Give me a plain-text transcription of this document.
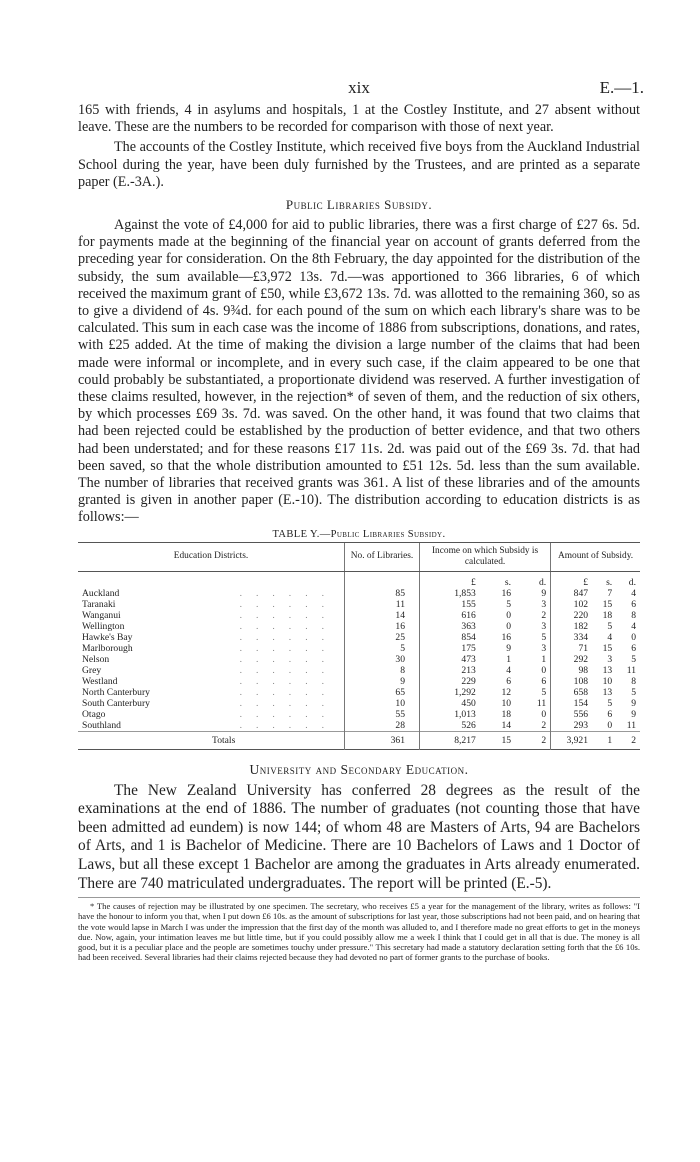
xix	E.—1.

165 with friends, 4 in asylums and hospitals, 1 at the Costley Institute, and 27 absent without leave. These are the numbers to be recorded for comparison with those of next year.

The accounts of the Costley Institute, which received five boys from the Auckland Industrial School during the year, have been duly furnished by the Trustees, and are printed as a separate paper (E.-3A.).

Public Libraries Subsidy.

Against the vote of £4,000 for aid to public libraries, there was a first charge of £27 6s. 5d. for payments made at the beginning of the financial year on account of grants deferred from the preceding year for consideration. On the 8th February, the day appointed for the distribution of the subsidy, the sum available—£3,972 13s. 7d.—was apportioned to 366 libraries, 6 of which received the maximum grant of £50, while £3,672 13s. 7d. was allotted to the remaining 360, so as to give a dividend of 4s. 9¾d. for each pound of the sum on which each library's share was to be calculated. This sum in each case was the income of 1886 from subscriptions, donations, and rates, with £25 added. At the time of making the division a large number of the claims that had been made were informal or incomplete, and in every such case, if the claim appeared to be one that could probably be substantiated, a proportionate dividend was reserved. A further investigation of these claims resulted, however, in the rejection* of seven of them, and the reduction of six others, by which processes £69 3s. 7d. was saved. On the other hand, it was found that two claims that had been rejected could be established by the production of better evidence, and that two others had been understated; and for these reasons £17 11s. 2d. was paid out of the £69 3s. 7d. that had been saved, so that the whole distribution amounted to £51 12s. 5d. less than the sum available. The number of libraries that received grants was 361. A list of these libraries and of the amounts granted is given in another paper (E.-10). The distribution according to education districts is as follows:—

TABLE Y.—Public Libraries Subsidy.
Education Districts.	No. of Libraries.	Income on which Subsidy is calculated.			Amount of Subsidy.		
		£	s.	d.	£	s.	d.
Auckland ......	85	1,853	16	9	847	7	4
Taranaki ......	11	155	5	3	102	15	6
Wanganui ......	14	616	0	2	220	18	8
Wellington ......	16	363	0	3	182	5	4
Hawke's Bay ......	25	854	16	5	334	4	0
Marlborough ......	5	175	9	3	71	15	6
Nelson ......	30	473	1	1	292	3	5
Grey ......	8	213	4	0	98	13	11
Westland ......	9	229	6	6	108	10	8
North Canterbury ......	65	1,292	12	5	658	13	5
South Canterbury ......	10	450	10	11	154	5	9
Otago ......	55	1,013	18	0	556	6	9
Southland ......	28	526	14	2	293	0	11
Totals	361	8,217	15	2	3,921	1	2
University and Secondary Education.

The New Zealand University has conferred 28 degrees as the result of the examinations at the end of 1886. The number of graduates (not counting those that have been admitted ad eundem) is now 144; of whom 48 are Masters of Arts, 94 are Bachelors of Arts, and 1 is Bachelor of Medicine. There are 10 Bachelors of Laws and 1 Doctor of Laws, but all these except 1 Bachelor are among the graduates in Arts already enumerated. There are 740 matriculated undergraduates. The report will be printed (E.-5).

* The causes of rejection may be illustrated by one specimen. The secretary, who receives £5 a year for the management of the library, writes as follows: "I have the honour to inform you that, when I put down £6 10s. as the amount of subscriptions for last year, those subscriptions had not been paid, and on hearing that the vote would lapse in March I was under the impression that the first day of the month was alluded to, and I therefore made no great efforts to get in the moneys due. Now, again, your intimation leaves me but little time, but if you could possibly allow me a week I think that I could get in all that is due. The money is all good, but it is a peculiar place and the people are sometimes touchy under pressure." This secretary had made a statutory declaration setting forth that the £6 10s. had been received. Several libraries had their claims rejected because they had devoted no part of former grants to the purchase of books.
